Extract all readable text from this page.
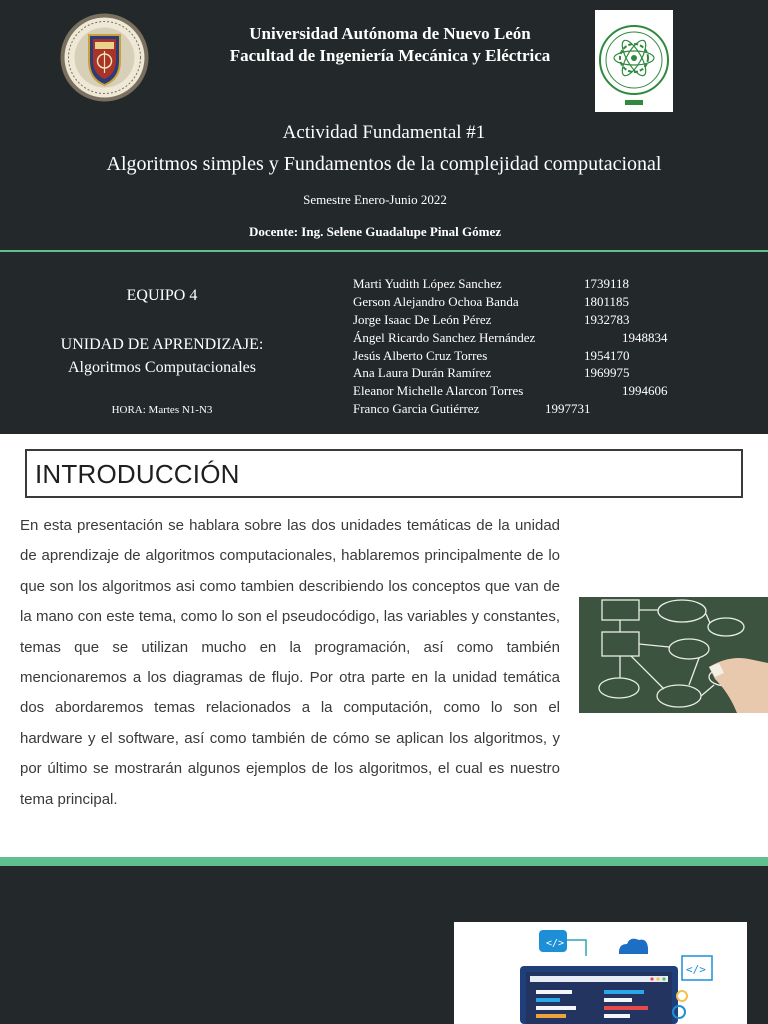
Universidad Autónoma de Nuevo León
Facultad de Ingeniería Mecánica y Eléctrica
Actividad Fundamental #1
Algoritmos simples y Fundamentos de la complejidad computacional
Semestre Enero-Junio 2022
Docente: Ing. Selene Guadalupe Pinal Gómez
EQUIPO 4
UNIDAD DE APRENDIZAJE:
Algoritmos Computacionales
HORA: Martes N1-N3
Marti Yudith López Sanchez	1739118
Gerson Alejandro Ochoa Banda	1801185
Jorge Isaac De León Pérez	1932783
Ángel Ricardo Sanchez Hernández	1948834
Jesús Alberto Cruz Torres	1954170
Ana Laura Durán Ramírez	1969975
Eleanor Michelle Alarcon Torres	1994606
Franco Garcia Gutiérrez	1997731
INTRODUCCIÓN

En esta presentación se hablara sobre las dos unidades temáticas de la unidad de aprendizaje de algoritmos computacionales, hablaremos principalmente de lo que son los algoritmos asi como tambien describiendo los conceptos que van de la mano con este tema, como lo son el pseudocódigo, las variables y constantes, temas que se utilizan mucho en la programación, así como también mencionaremos a los diagramas de flujo. Por otra parte en la unidad temática dos abordaremos temas relacionados a la computación, como lo son el hardware y el software, así como también de cómo se aplican los algoritmos, y por último se mostrarán algunos ejemplos de los algoritmos, el cual es nuestro tema principal.

</>
</>
